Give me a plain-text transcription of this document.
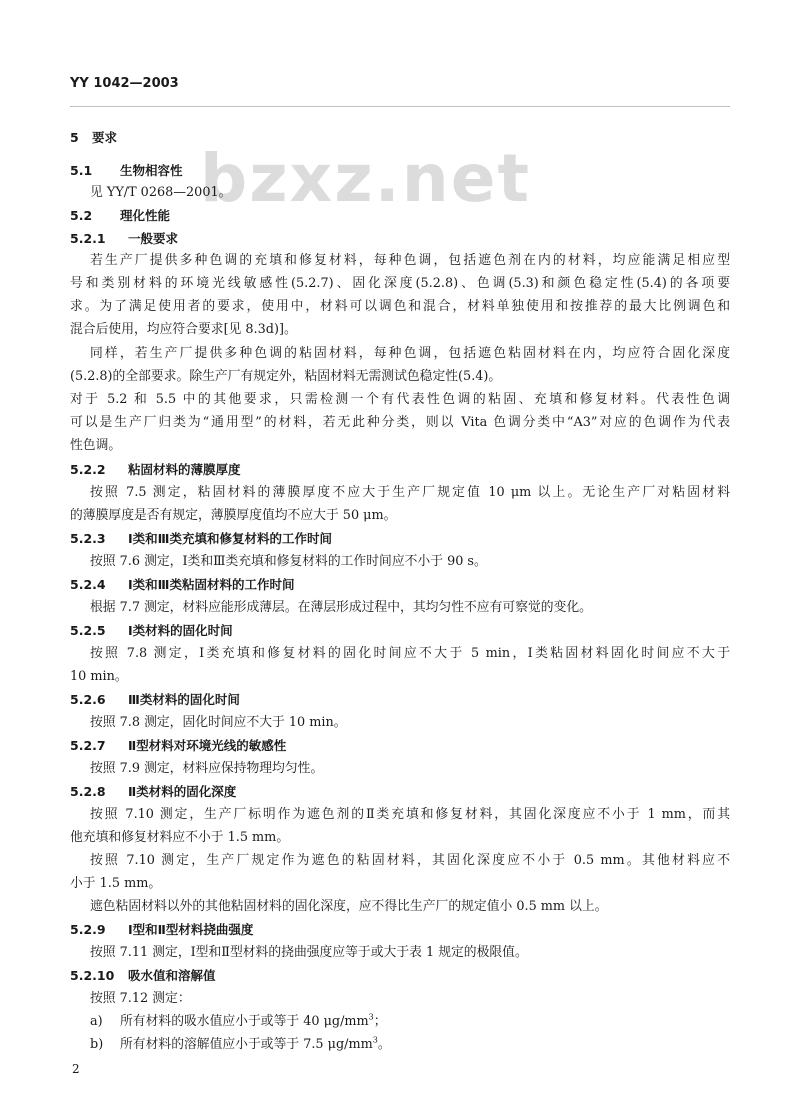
YY 1042—2003
bzxz.net
5 要求
5.1 生物相容性
见 YY/T 0268—2001。
5.2 理化性能
5.2.1 一般要求
若生产厂提供多种色调的充填和修复材料，每种色调，包括遮色剂在内的材料，均应能满足相应型
号和类别材料的环境光线敏感性(5.2.7)、固化深度(5.2.8)、色调(5.3)和颜色稳定性(5.4)的各项要
求。为了满足使用者的要求，使用中，材料可以调色和混合，材料单独使用和按推荐的最大比例调色和
混合后使用，均应符合要求[见 8.3d)]。
同样，若生产厂提供多种色调的粘固材料，每种色调，包括遮色粘固材料在内，均应符合固化深度
(5.2.8)的全部要求。除生产厂有规定外，粘固材料无需测试色稳定性(5.4)。
对于 5.2 和 5.5 中的其他要求，只需检测一个有代表性色调的粘固、充填和修复材料。代表性色调
可以是生产厂归类为“通用型”的材料，若无此种分类，则以 Vita 色调分类中“A3”对应的色调作为代表
性色调。
5.2.2 粘固材料的薄膜厚度
按照 7.5 测定，粘固材料的薄膜厚度不应大于生产厂规定值 10 μm 以上。无论生产厂对粘固材料
的薄膜厚度是否有规定，薄膜厚度值均不应大于 50 μm。
5.2.3 Ⅰ类和Ⅲ类充填和修复材料的工作时间
按照 7.6 测定，Ⅰ类和Ⅲ类充填和修复材料的工作时间应不小于 90 s。
5.2.4 Ⅰ类和Ⅲ类粘固材料的工作时间
根据 7.7 测定，材料应能形成薄层。在薄层形成过程中，其均匀性不应有可察觉的变化。
5.2.5 Ⅰ类材料的固化时间
按照 7.8 测定，Ⅰ类充填和修复材料的固化时间应不大于 5 min，Ⅰ类粘固材料固化时间应不大于
10 min。
5.2.6 Ⅲ类材料的固化时间
按照 7.8 测定，固化时间应不大于 10 min。
5.2.7 Ⅱ型材料对环境光线的敏感性
按照 7.9 测定，材料应保持物理均匀性。
5.2.8 Ⅱ类材料的固化深度
按照 7.10 测定，生产厂标明作为遮色剂的Ⅱ类充填和修复材料，其固化深度应不小于 1 mm，而其
他充填和修复材料应不小于 1.5 mm。
按照 7.10 测定，生产厂规定作为遮色的粘固材料，其固化深度应不小于 0.5 mm。其他材料应不
小于 1.5 mm。
遮色粘固材料以外的其他粘固材料的固化深度，应不得比生产厂的规定值小 0.5 mm 以上。
5.2.9 Ⅰ型和Ⅱ型材料挠曲强度
按照 7.11 测定，Ⅰ型和Ⅱ型材料的挠曲强度应等于或大于表 1 规定的极限值。
5.2.10 吸水值和溶解值
按照 7.12 测定：
a) 所有材料的吸水值应小于或等于 40 $\mu g/mm^3$；
b) 所有材料的溶解值应小于或等于 7.5 $\mu g/mm^3$。
2
